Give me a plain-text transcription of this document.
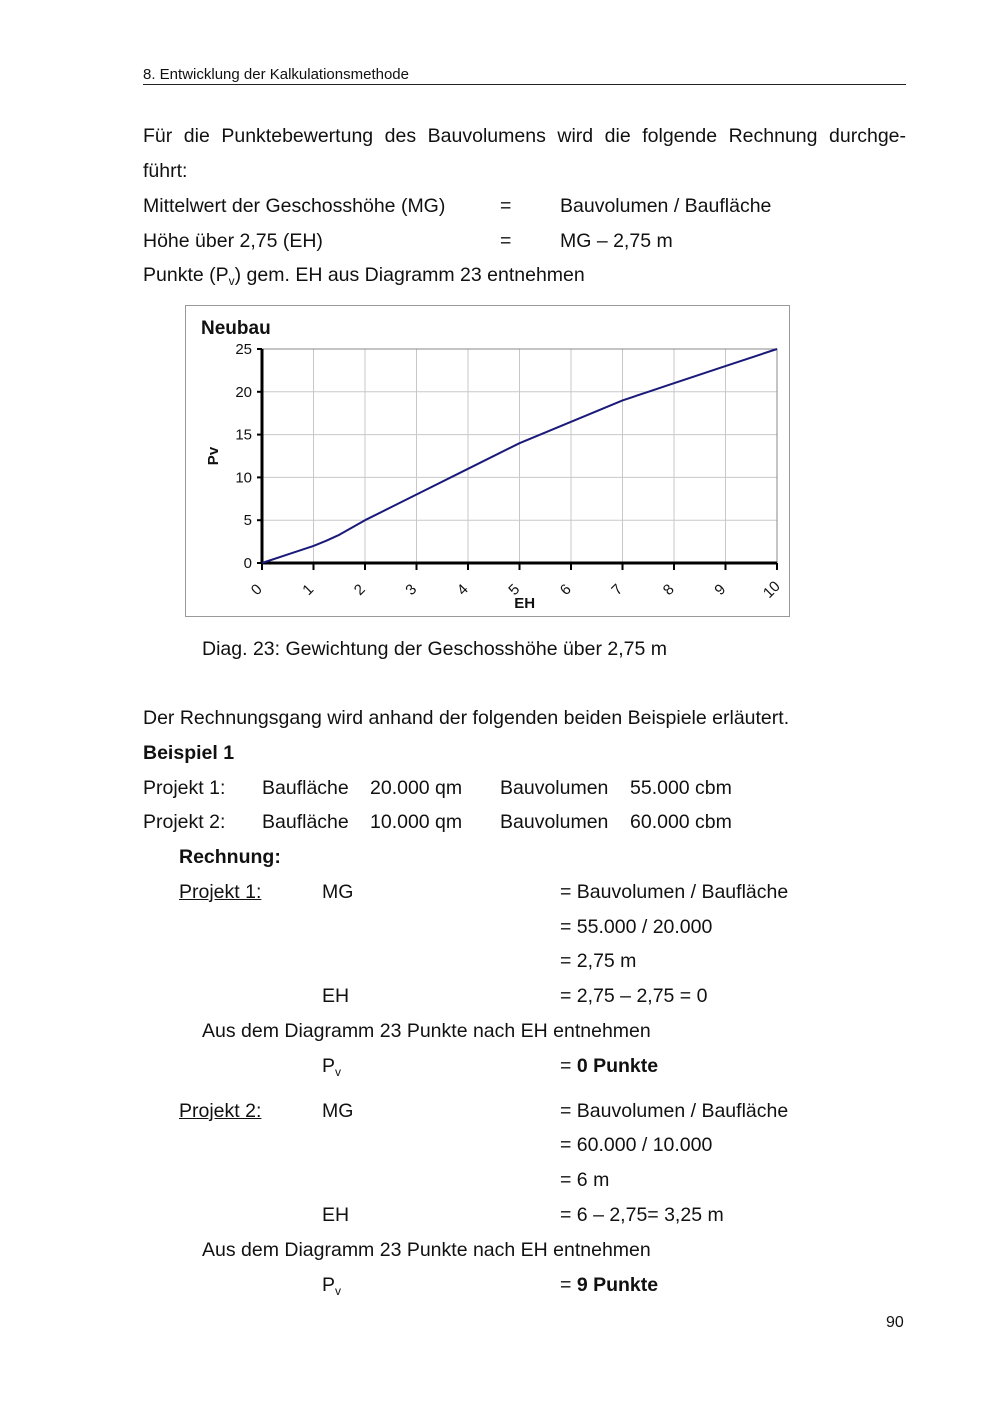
8. Entwicklung der Kalkulationsmethode
Für die Punktebewertung des Bauvolumens wird die folgende Rechnung durchge-
führt:
Mittelwert der Geschosshöhe (MG)	= Bauvolumen / Baufläche
Höhe über 2,75 (EH)	= MG – 2,75 m
Punkte $(P_v)$ gem. EH aus Diagramm 23 entnehmen
0
5
10
15
20
25
0 1 2 3 4 5 6 7 8 9 10
Neubau
Pv
EH
Diag. 23: Gewichtung der Geschosshöhe über 2,75 m
Der Rechnungsgang wird anhand der folgenden beiden Beispiele erläutert.
Beispiel 1
Projekt 1: Baufläche 20.000 qm Bauvolumen 55.000 cbm
Projekt 2: Baufläche 10.000 qm Bauvolumen 60.000 cbm
Rechnung:
Projekt 1:	MG	= Bauvolumen / Baufläche
= 55.000 / 20.000
= 2,75 m
EH	= 2,75 – 2,75 = 0
Aus dem Diagramm 23 Punkte nach EH entnehmen
$P_v$	= 0 Punkte
Projekt 2:	MG	= Bauvolumen / Baufläche
= 60.000 / 10.000
= 6 m
EH	= 6 – 2,75= 3,25 m
Aus dem Diagramm 23 Punkte nach EH entnehmen
$P_v$	= 9 Punkte
90
